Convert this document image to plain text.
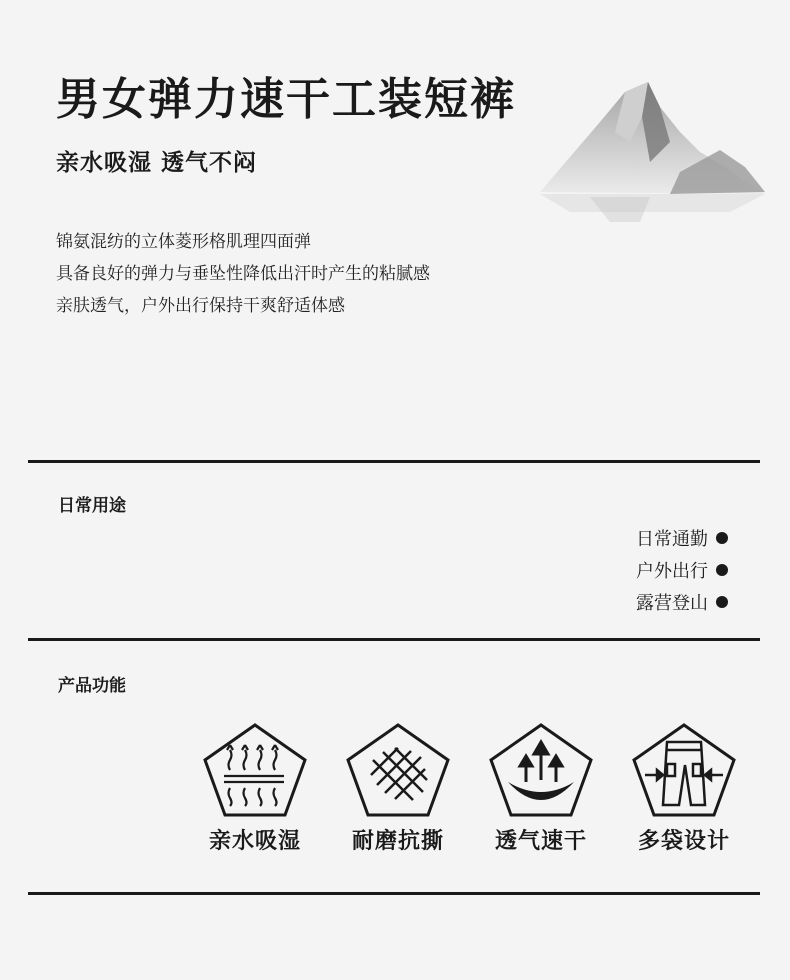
男女弹力速干工装短裤
亲水吸湿 透气不闷
锦氨混纺的立体菱形格肌理四面弹
具备良好的弹力与垂坠性降低出汗时产生的粘腻感
亲肤透气，户外出行保持干爽舒适体感
日常用途
日常通勤
户外出行
露营登山
产品功能
亲水吸湿	耐磨抗撕	透气速干	多袋设计
